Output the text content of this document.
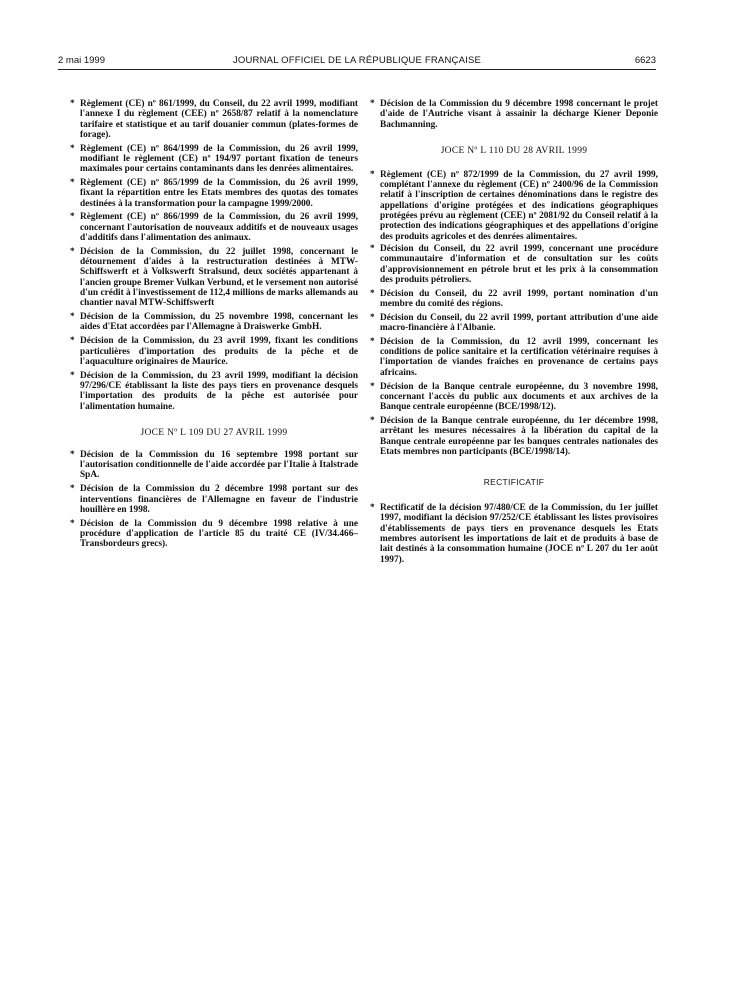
2 mai 1999	JOURNAL OFFICIEL DE LA RÉPUBLIQUE FRANÇAISE	6623
* Règlement (CE) nº 861/1999, du Conseil, du 22 avril 1999, modifiant l'annexe I du règlement (CEE) nº 2658/87 relatif à la nomenclature tarifaire et statistique et au tarif douanier commun (plates-formes de forage).
* Règlement (CE) nº 864/1999 de la Commission, du 26 avril 1999, modifiant le règlement (CE) nº 194/97 portant fixation de teneurs maximales pour certains contaminants dans les denrées alimentaires.
* Règlement (CE) nº 865/1999 de la Commission, du 26 avril 1999, fixant la répartition entre les Etats membres des quotas des tomates destinées à la transformation pour la campagne 1999/2000.
* Règlement (CE) nº 866/1999 de la Commission, du 26 avril 1999, concernant l'autorisation de nouveaux additifs et de nouveaux usages d'additifs dans l'alimentation des animaux.
* Décision de la Commission, du 22 juillet 1998, concernant le détournement d'aides à la restructuration destinées à MTW-Schiffswerft et à Volkswerft Stralsund, deux sociétés appartenant à l'ancien groupe Bremer Vulkan Verbund, et le versement non autorisé d'un crédit à l'investissement de 112,4 millions de marks allemands au chantier naval MTW-Schiffswerft
* Décision de la Commission, du 25 novembre 1998, concernant les aides d'Etat accordées par l'Allemagne à Draiswerke GmbH.
* Décision de la Commission, du 23 avril 1999, fixant les conditions particulières d'importation des produits de la pêche et de l'aquaculture originaires de Maurice.
* Décision de la Commission, du 23 avril 1999, modifiant la décision 97/296/CE établissant la liste des pays tiers en provenance desquels l'importation des produits de la pêche est autorisée pour l'alimentation humaine.
JOCE Nº L 109 DU 27 AVRIL 1999
* Décision de la Commission du 16 septembre 1998 portant sur l'autorisation conditionnelle de l'aide accordée par l'Italie à Italstrade SpA.
* Décision de la Commission du 2 décembre 1998 portant sur des interventions financières de l'Allemagne en faveur de l'industrie houillère en 1998.
* Décision de la Commission du 9 décembre 1998 relative à une procédure d'application de l'article 85 du traité CE (IV/34.466–Transbordeurs grecs).
* Décision de la Commission du 9 décembre 1998 concernant le projet d'aide de l'Autriche visant à assainir la décharge Kiener Deponie Bachmanning.
JOCE Nº L 110 DU 28 AVRIL 1999
* Règlement (CE) nº 872/1999 de la Commission, du 27 avril 1999, complétant l'annexe du règlement (CE) nº 2400/96 de la Commission relatif à l'inscription de certaines dénominations dans le registre des appellations d'origine protégées et des indications géographiques protégées prévu au règlement (CEE) nº 2081/92 du Conseil relatif à la protection des indications géographiques et des appellations d'origine des produits agricoles et des denrées alimentaires.
* Décision du Conseil, du 22 avril 1999, concernant une procédure communautaire d'information et de consultation sur les coûts d'approvisionnement en pétrole brut et les prix à la consommation des produits pétroliers.
* Décision du Conseil, du 22 avril 1999, portant nomination d'un membre du comité des régions.
* Décision du Conseil, du 22 avril 1999, portant attribution d'une aide macro-financière à l'Albanie.
* Décision de la Commission, du 12 avril 1999, concernant les conditions de police sanitaire et la certification vétérinaire requises à l'importation de viandes fraîches en provenance de certains pays africains.
* Décision de la Banque centrale européenne, du 3 novembre 1998, concernant l'accès du public aux documents et aux archives de la Banque centrale européenne (BCE/1998/12).
* Décision de la Banque centrale européenne, du 1er décembre 1998, arrêtant les mesures nécessaires à la libération du capital de la Banque centrale européenne par les banques centrales nationales des Etats membres non participants (BCE/1998/14).
RECTIFICATIF
* Rectificatif de la décision 97/480/CE de la Commission, du 1er juillet 1997, modifiant la décision 97/252/CE établissant les listes provisoires d'établissements de pays tiers en provenance desquels les Etats membres autorisent les importations de lait et de produits à base de lait destinés à la consommation humaine (JOCE nº L 207 du 1er août 1997).
